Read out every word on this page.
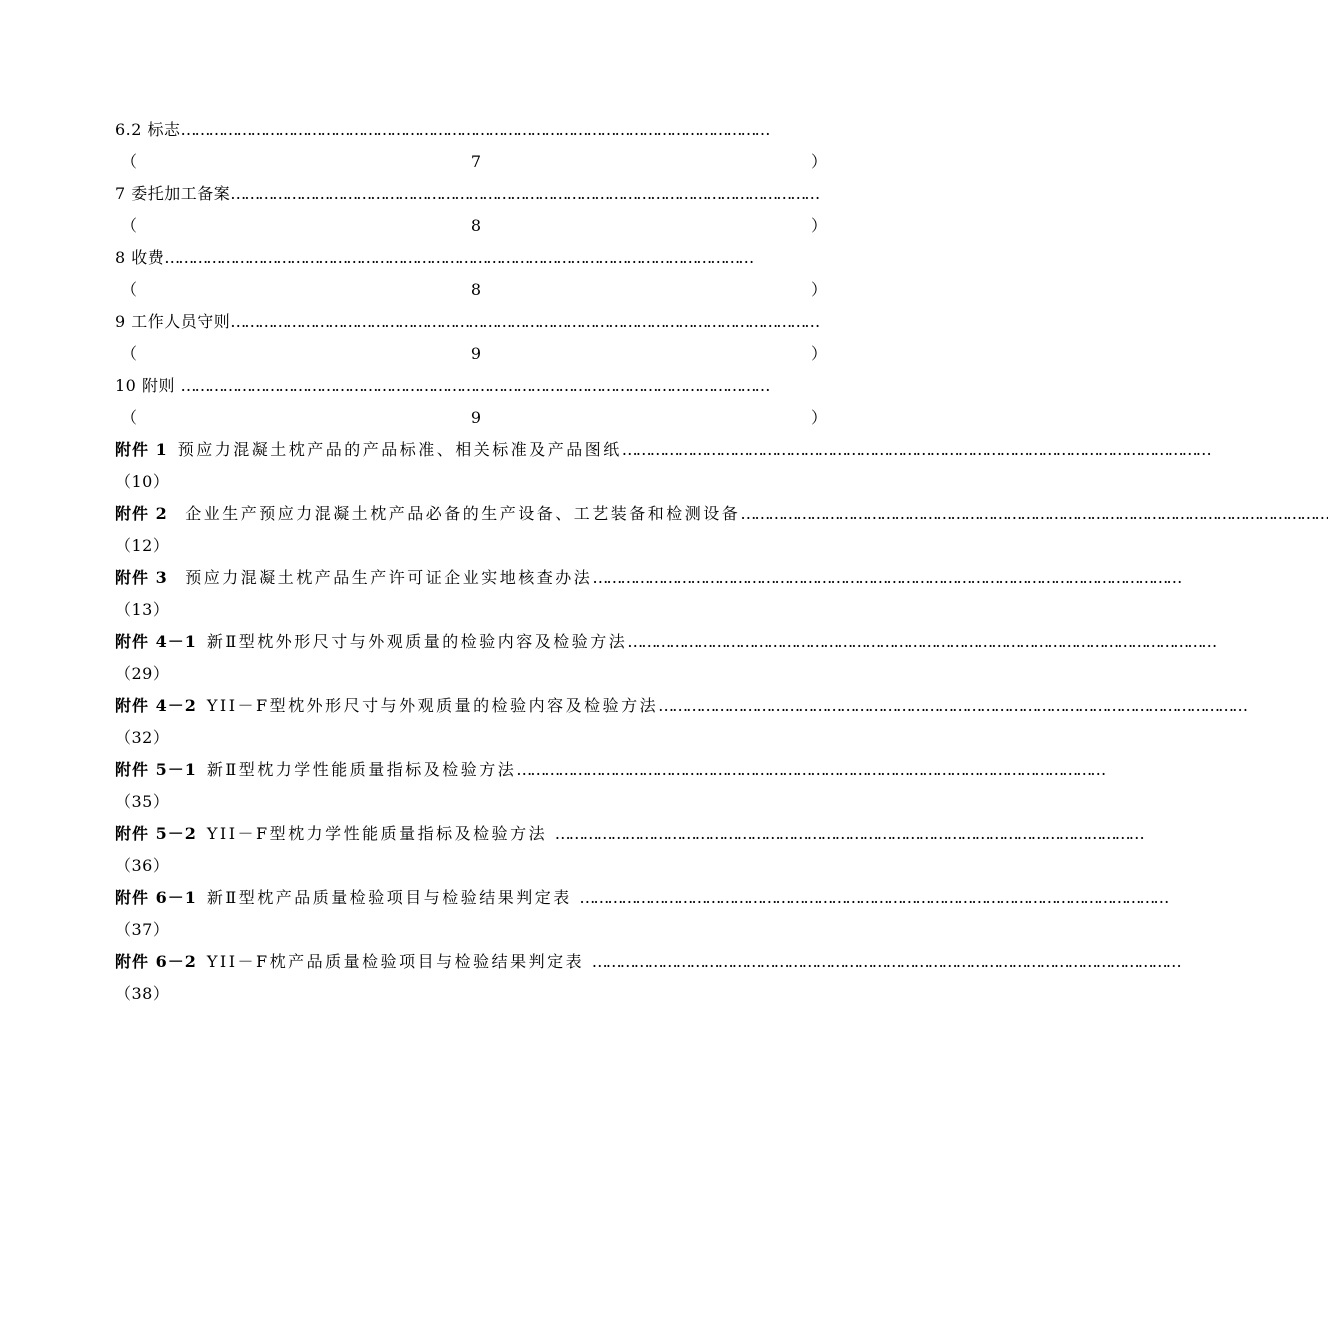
6.2 标志 ………………………………………………………………………………………………………………
（	7	）
7 委托加工备案 ………………………………………………………………………………………………………………
（	8	）
8 收费 ………………………………………………………………………………………………………………
（	8	）
9 工作人员守则 ………………………………………………………………………………………………………………
（	9	）
10 附则 ………………………………………………………………………………………………………………
（	9	）
附件 1 预应力混凝土枕产品的产品标准、相关标准及产品图纸 ………………………………………………………………………………………………………………
（10）
附件 2 企业生产预应力混凝土枕产品必备的生产设备、工艺装备和检测设备 ………………………………………………………………………………………………………………
（12）
附件 3 预应力混凝土枕产品生产许可证企业实地核查办法 ………………………………………………………………………………………………………………
（13）
附件 4－1 新Ⅱ型枕外形尺寸与外观质量的检验内容及检验方法 ………………………………………………………………………………………………………………
（29）
附件 4－2 YII－F型枕外形尺寸与外观质量的检验内容及检验方法 ………………………………………………………………………………………………………………
（32）
附件 5－1 新Ⅱ型枕力学性能质量指标及检验方法 ………………………………………………………………………………………………………………
（35）
附件 5－2 YII－F型枕力学性能质量指标及检验方法 ………………………………………………………………………………………………………………
（36）
附件 6－1 新Ⅱ型枕产品质量检验项目与检验结果判定表 ………………………………………………………………………………………………………………
（37）
附件 6－2 YII－F枕产品质量检验项目与检验结果判定表 ………………………………………………………………………………………………………………
（38）
